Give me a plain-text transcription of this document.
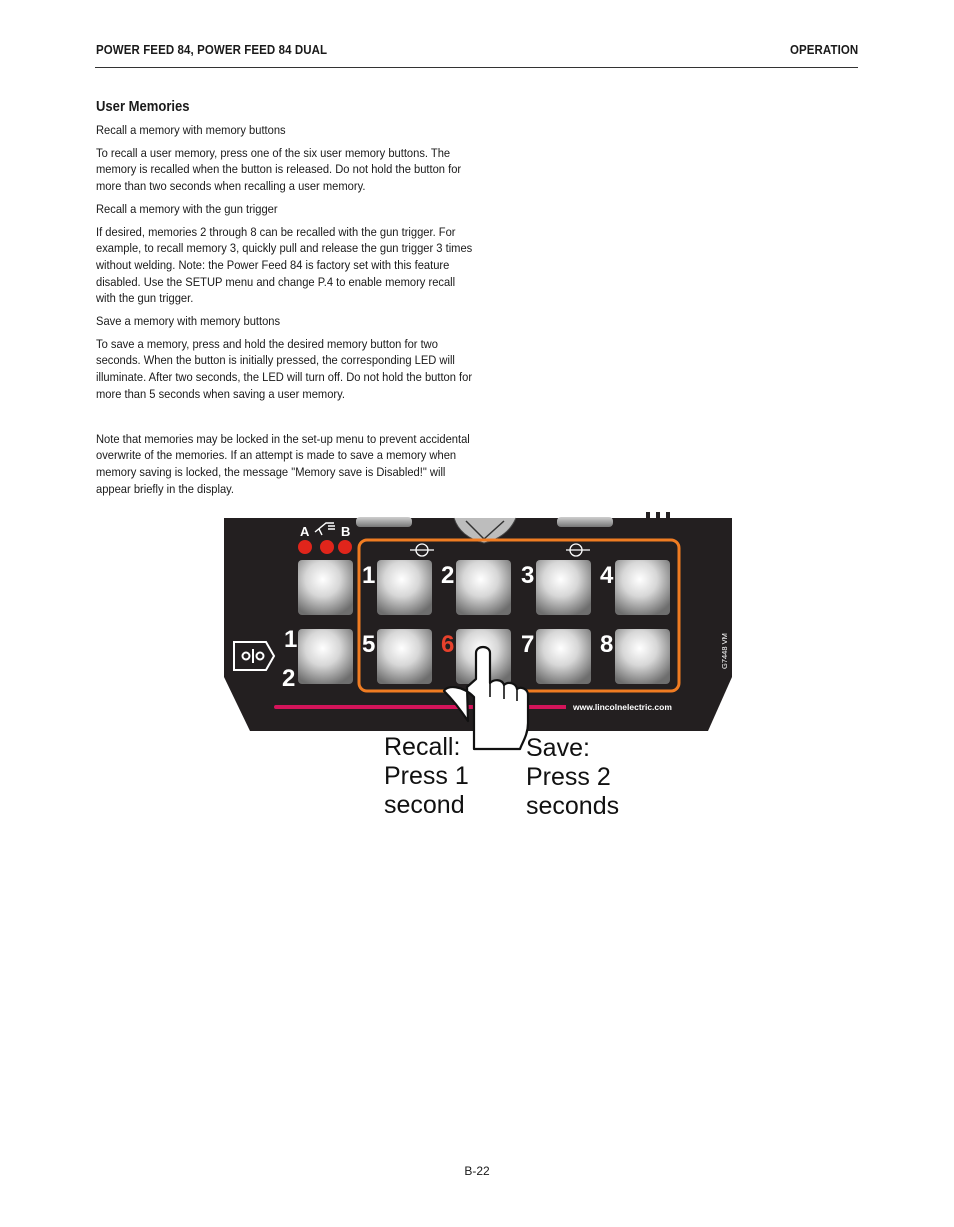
POWER FEED 84, POWER FEED 84 DUAL	OPERATION
User Memories
Recall a memory with memory buttons
To recall a user memory, press one of the six user memory buttons. The memory is recalled when the button is released. Do not hold the button for more than two seconds when recalling a user memory.
Recall a memory with the gun trigger
If desired, memories 2 through 8 can be recalled with the gun trigger. For example, to recall memory 3, quickly pull and release the gun trigger 3 times without welding. Note: the Power Feed 84 is factory set with this feature disabled. Use the SETUP menu and change P.4 to enable memory recall with the gun trigger.
Save a memory with memory buttons
To save a memory, press and hold the desired memory button for two seconds. When the button is initially pressed, the corresponding LED will illuminate. After two seconds, the LED will turn off. Do not hold the button for more than 5 seconds when saving a user memory.
Note that memories may be locked in the set-up menu to prevent accidental overwrite of the memories. If an attempt is made to save a memory when memory saving is locked, the message "Memory save is Disabled!" will appear briefly in the display.
A B
1
2
1	2	3	4
5	6	7	8
www.lincolnelectric.com
G7448 VM
Recall:
Press 1
second
Save:
Press 2
seconds
B-22
